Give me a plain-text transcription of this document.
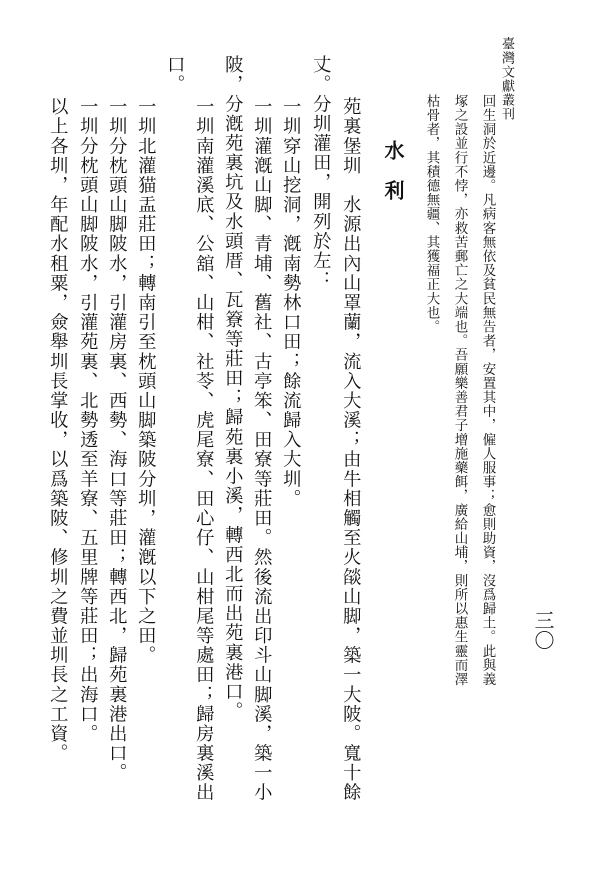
臺灣文獻叢刊
三〇
回生洞於近邊。凡病客無依及貧民無告者，安置其中，僱人服事；愈則助資，沒爲歸土。此與義
塚之設並行不悖，亦救苦郵亡之大端也。吾願樂善君子增施藥餌，廣給山埔，則所以惠生靈而澤
枯骨者，其積德無疆、其獲福正大也。
水　利
苑裏堡圳　水源出內山罩蘭，流入大溪；由牛相觸至火燄山脚，築一大陂。寬十餘
丈。分圳灌田，開列於左：
一圳穿山挖洞，漑南勢林口田；餘流歸入大圳。
一圳灌漑山脚、青埔、舊社、古亭笨、田寮等莊田。然後流出印斗山脚溪，築一小
陂，分漑苑裏坑及水頭厝、瓦簝等莊田；歸苑裏小溪，轉西北而出苑裏港口。
一圳南灌溪底、公舘、山柑、社苓、虎尾寮、田心仔、山柑尾等處田；歸房裏溪出
口。
一圳北灌猫盂莊田；轉南引至枕頭山脚築陂分圳，灌漑以下之田。
一圳分枕頭山脚陂水，引灌房裏、西勢、海口等莊田；轉西北，歸苑裏港出口。
一圳分枕頭山脚陂水，引灌苑裏、北勢透至羊寮、五里牌等莊田；出海口。
以上各圳，年配水租粟，僉舉圳長掌收，以爲築陂、修圳之費並圳長之工資。
